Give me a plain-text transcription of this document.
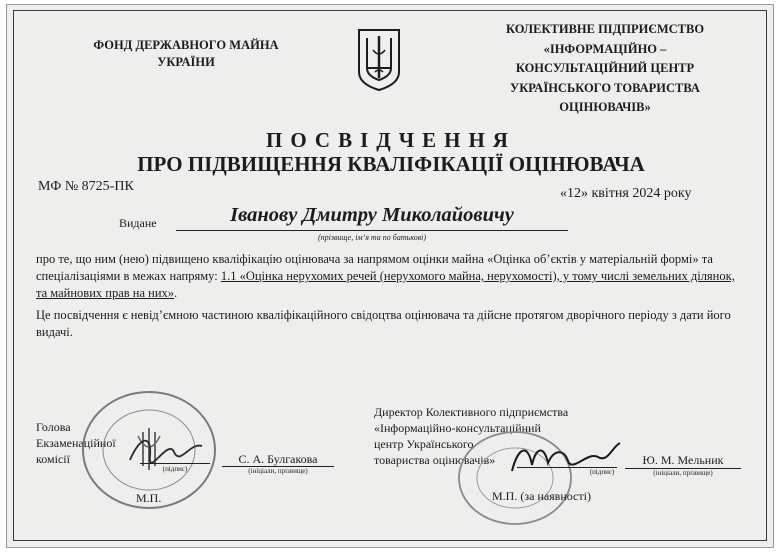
ФОНД ДЕРЖАВНОГО МАЙНА
УКРАЇНИ
КОЛЕКТИВНЕ ПІДПРИЄМСТВО
«ІНФОРМАЦІЙНО –
КОНСУЛЬТАЦІЙНИЙ ЦЕНТР
УКРАЇНСЬКОГО ТОВАРИСТВА
ОЦІНЮВАЧІВ»
ПОСВІДЧЕННЯ
ПРО ПІДВИЩЕННЯ КВАЛІФІКАЦІЇ ОЦІНЮВАЧА
МФ № 8725-ПК	«12» квітня 2024 року
Видане	Іванову Дмитру Миколайовичу
(прізвище, ім’я та по батькові)
про те, що ним (нею) підвищено кваліфікацію оцінювача за напрямом оцінки майна «Оцінка об’єктів у матеріальній формі» та спеціалізаціями в межах напряму: 1.1 «Оцінка нерухомих речей (нерухомого майна, нерухомості), у тому числі земельних ділянок, та майнових прав на них».
Це посвідчення є невід’ємною частиною кваліфікаційного свідоцтва оцінювача та дійсне протягом дворічного періоду з дати його видачі.
Голова
Екзаменаційної
комісії
(підпис)
С. А. Булгакова
(ініціали, прізвище)
М.П.
Директор Колективного підприємства
«Інформаційно-консультаційний
центр Українського
товариства оцінювачів»
(підпис)
Ю. М. Мельник
(ініціали, прізвище)
М.П. (за наявності)
